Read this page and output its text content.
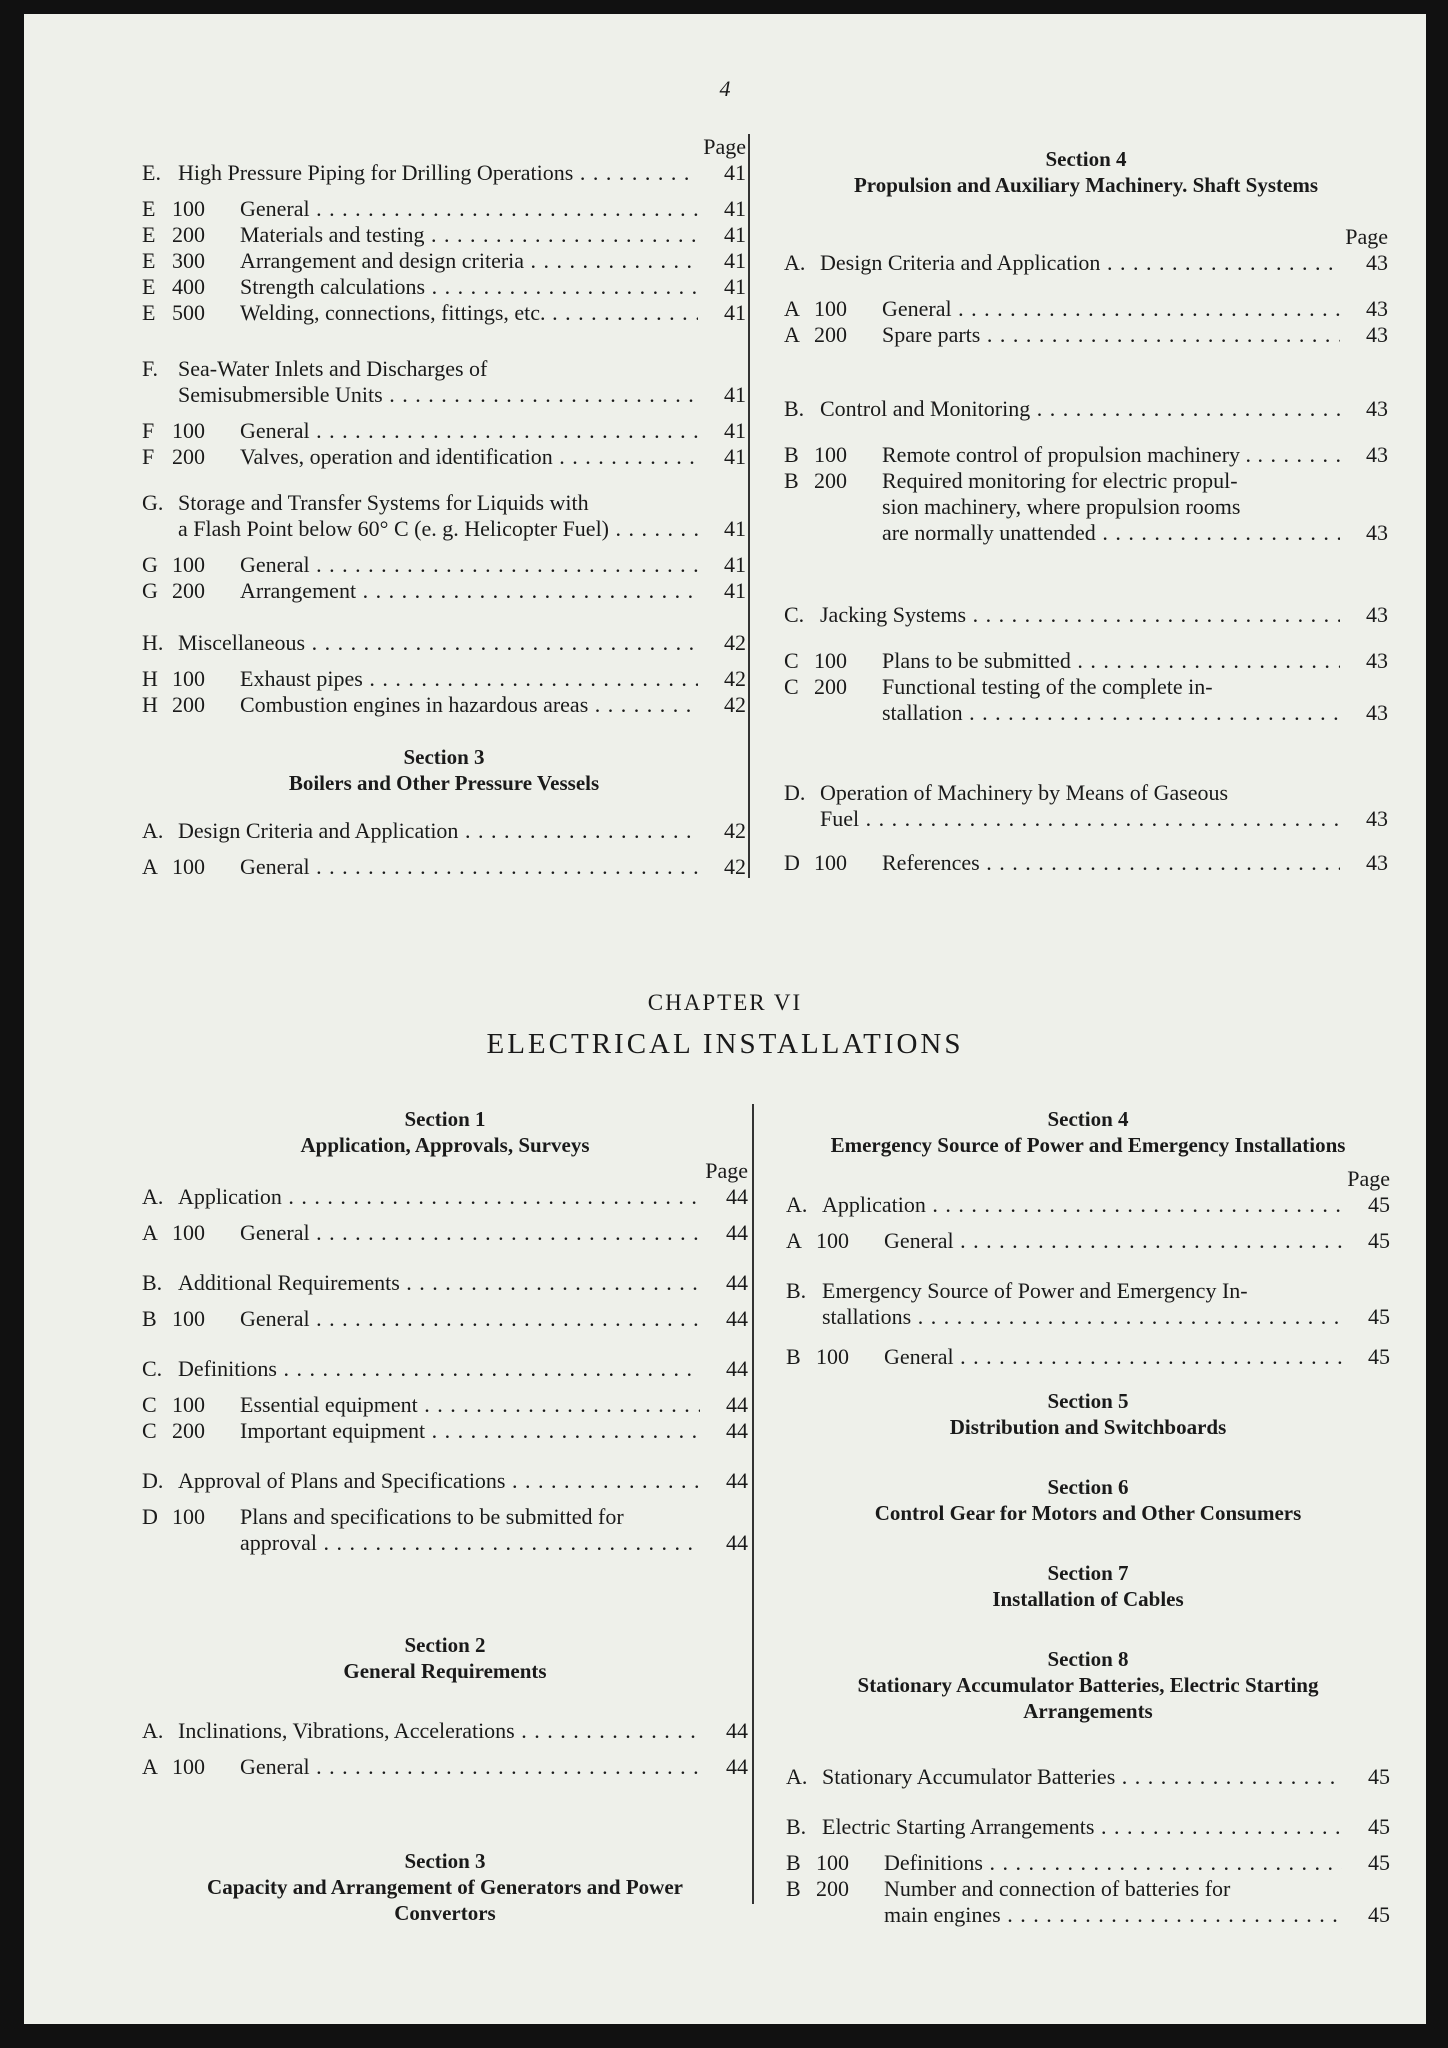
4
Page
E. High Pressure Piping for Drilling Operations . . .	41
E 100	General . . .	41
E 200	Materials and testing . . .	41
E 300	Arrangement and design criteria . . .	41
E 400	Strength calculations . . .	41
E 500	Welding, connections, fittings, etc. . . .	41
F. Sea-Water Inlets and Discharges of
Semisubmersible Units . . .	41
F 100	General . . .	41
F 200	Valves, operation and identification . . .	41
G. Storage and Transfer Systems for Liquids with
a Flash Point below 60° C (e. g. Helicopter Fuel) . . .	41
G 100	General . . .	41
G 200	Arrangement . . .	41
H. Miscellaneous . . .	42
H 100	Exhaust pipes . . .	42
H 200	Combustion engines in hazardous areas . . .	42
A. Design Criteria and Application . . .	42
A 100	General . . .	42
Section 3
Boilers and Other Pressure Vessels
Section 4
Propulsion and Auxiliary Machinery. Shaft Systems
Page
A. Design Criteria and Application . . .	43
A 100	General . . .	43
A 200	Spare parts . . .	43
B. Control and Monitoring . . .	43
B 100	Remote control of propulsion machinery . . . .	43
B 200	Required monitoring for electric propul-
sion machinery, where propulsion rooms
are normally unattended . . .	43
C. Jacking Systems . . .	43
C 100	Plans to be submitted . . .	43
C 200	Functional testing of the complete in-
stallation . . .	43
D. Operation of Machinery by Means of Gaseous
Fuel . . .	43
D 100	References . . .	43
CHAPTER VI
ELECTRICAL INSTALLATIONS
Section 1
Application, Approvals, Surveys
Page
Section 2
General Requirements
Section 3
Capacity and Arrangement of Generators and Power
Convertors
A. Application . . .	44
A 100	General . . .	44
B. Additional Requirements . . .	44
B 100	General . . .	44
C. Definitions . . .	44
C 100	Essential equipment . . .	44
C 200	Important equipment . . .	44
D. Approval of Plans and Specifications . . .	44
D 100	Plans and specifications to be submitted for
approval . . .	44
A. Inclinations, Vibrations, Accelerations . . .	44
A 100	General . . .	44
Section 4
Emergency Source of Power and Emergency Installations
Page
Section 5
Distribution and Switchboards
Section 6
Control Gear for Motors and Other Consumers
Section 7
Installation of Cables
Section 8
Stationary Accumulator Batteries, Electric Starting
Arrangements
A. Application . . .	45
A 100	General . . .	45
B. Emergency Source of Power and Emergency In-
stallations . . .	45
B 100	General . . .	45
A. Stationary Accumulator Batteries . . .	45
B. Electric Starting Arrangements . . .	45
B 100	Definitions . . .	45
B 200	Number and connection of batteries for
main engines . . .	45
